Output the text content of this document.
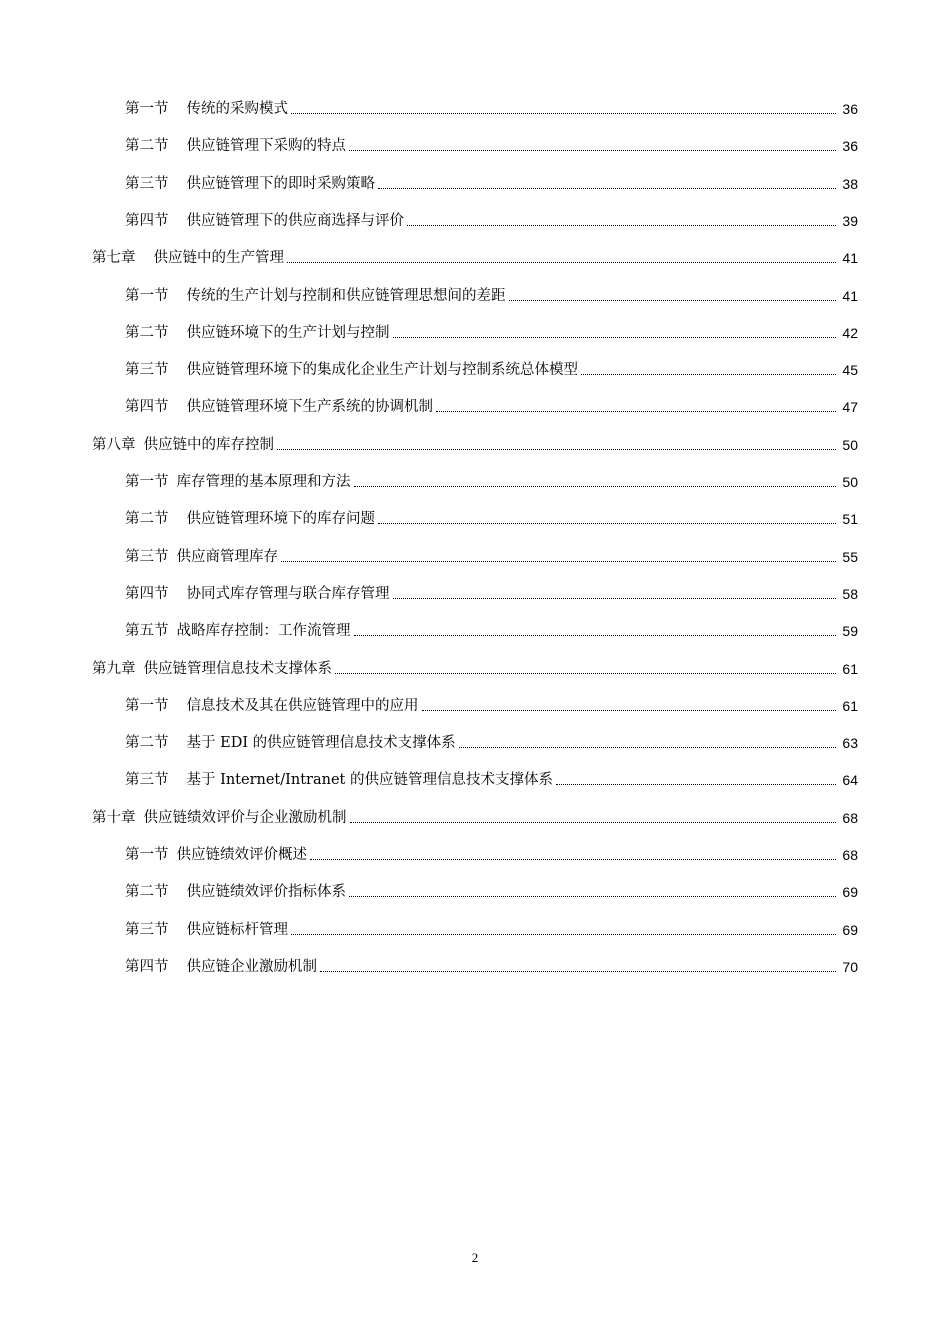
第一节 传统的采购模式	36
第二节 供应链管理下采购的特点	36
第三节 供应链管理下的即时采购策略	38
第四节 供应链管理下的供应商选择与评价	39
第七章 供应链中的生产管理	41
第一节 传统的生产计划与控制和供应链管理思想间的差距	41
第二节 供应链环境下的生产计划与控制	42
第三节 供应链管理环境下的集成化企业生产计划与控制系统总体模型	45
第四节 供应链管理环境下生产系统的协调机制	47
第八章 供应链中的库存控制	50
第一节 库存管理的基本原理和方法	50
第二节 供应链管理环境下的库存问题	51
第三节 供应商管理库存	55
第四节 协同式库存管理与联合库存管理	58
第五节 战略库存控制：工作流管理	59
第九章 供应链管理信息技术支撑体系	61
第一节 信息技术及其在供应链管理中的应用	61
第二节 基于 EDI 的供应链管理信息技术支撑体系	63
第三节 基于 Internet/Intranet 的供应链管理信息技术支撑体系	64
第十章 供应链绩效评价与企业激励机制	68
第一节 供应链绩效评价概述	68
第二节 供应链绩效评价指标体系	69
第三节 供应链标杆管理	69
第四节 供应链企业激励机制	70
2
